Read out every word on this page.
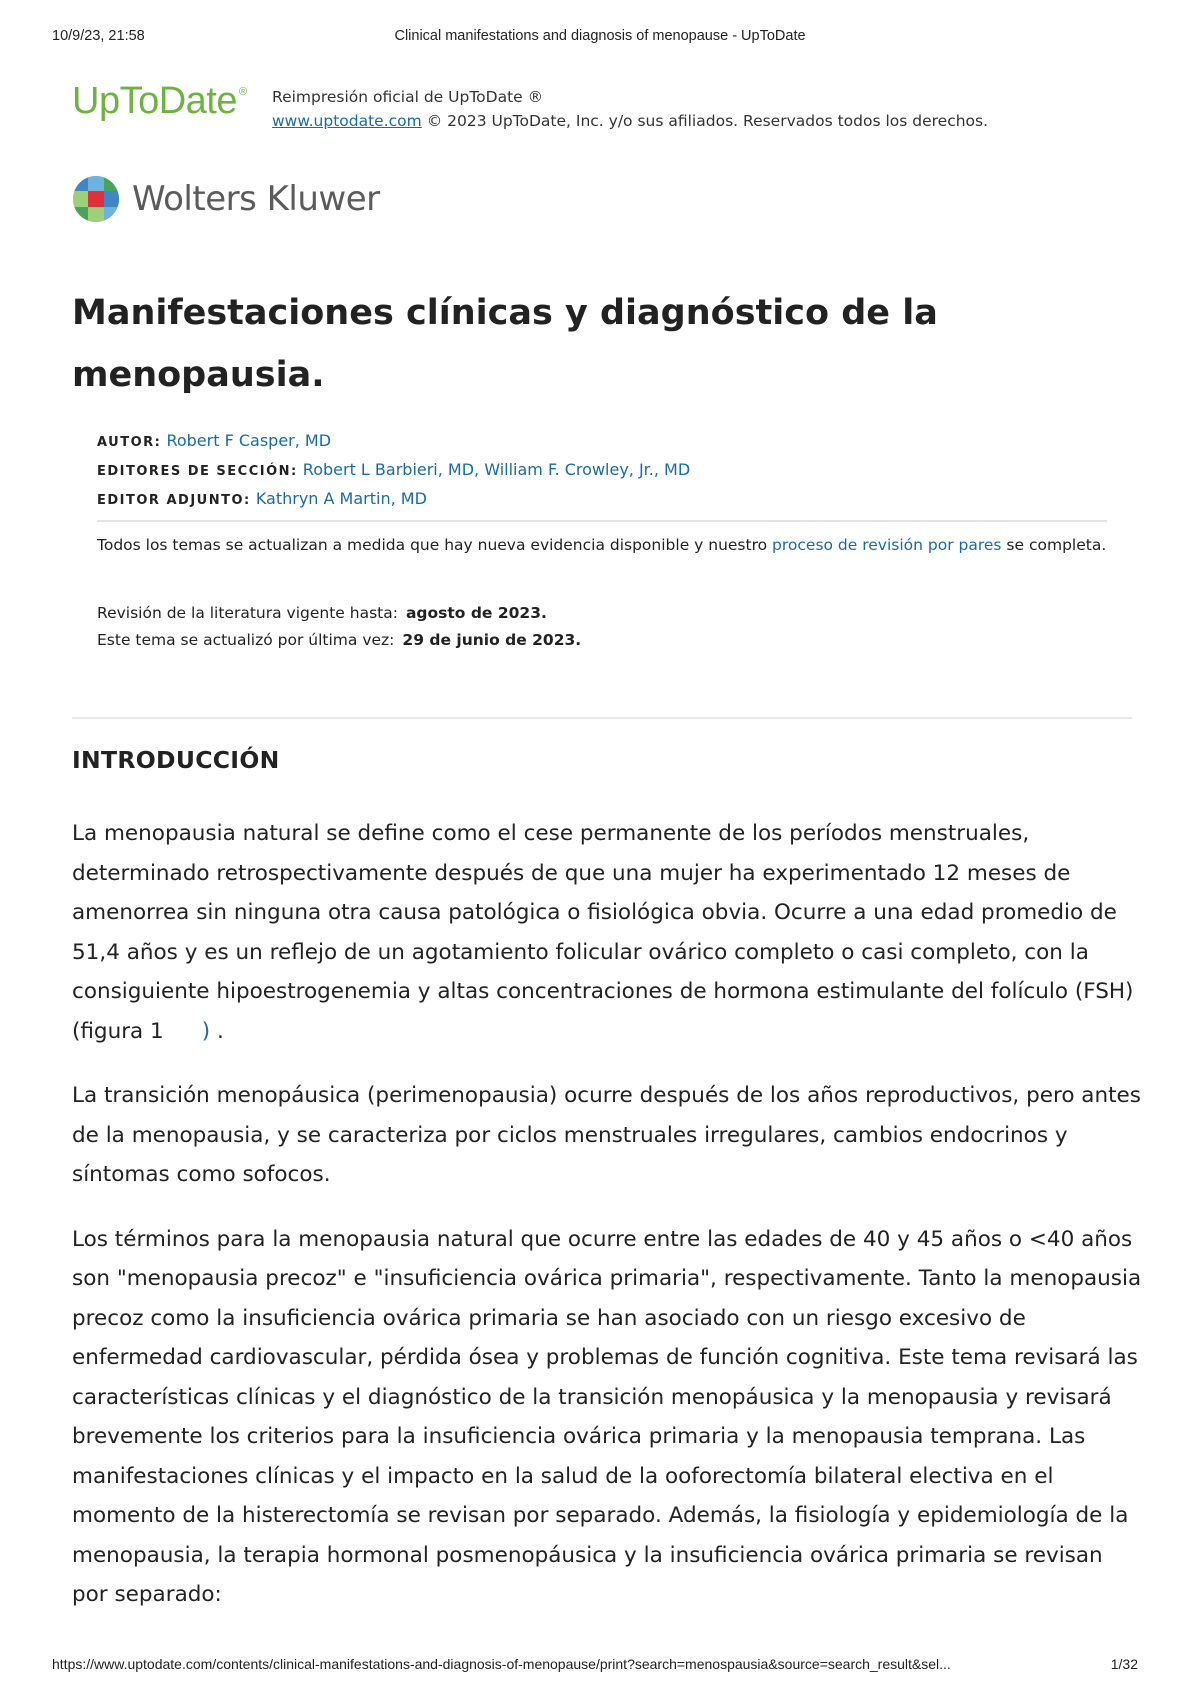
10/9/23, 21:58	Clinical manifestations and diagnosis of menopause - UpToDate
UpToDate ® Reimpresión oficial de UpToDate ®
www.uptodate.com © 2023 UpToDate, Inc. y/o sus afiliados. Reservados todos los derechos.
Wolters Kluwer
Manifestaciones clínicas y diagnóstico de la menopausia.
AUTOR: Robert F Casper, MD
EDITORES DE SECCIÓN: Robert L Barbieri, MD, William F. Crowley, Jr., MD
EDITOR ADJUNTO: Kathryn A Martin, MD
Todos los temas se actualizan a medida que hay nueva evidencia disponible y nuestro proceso de revisión por pares se completa.
Revisión de la literatura vigente hasta: agosto de 2023.
Este tema se actualizó por última vez: 29 de junio de 2023.
INTRODUCCIÓN

La menopausia natural se define como el cese permanente de los períodos menstruales, determinado retrospectivamente después de que una mujer ha experimentado 12 meses de amenorrea sin ninguna otra causa patológica o fisiológica obvia. Ocurre a una edad promedio de 51,4 años y es un reflejo de un agotamiento folicular ovárico completo o casi completo, con la consiguiente hipoestrogenemia y altas concentraciones de hormona estimulante del folículo (FSH) (figura 1 ) .

La transición menopáusica (perimenopausia) ocurre después de los años reproductivos, pero antes de la menopausia, y se caracteriza por ciclos menstruales irregulares, cambios endocrinos y síntomas como sofocos.

Los términos para la menopausia natural que ocurre entre las edades de 40 y 45 años o <40 años son "menopausia precoz" e "insuficiencia ovárica primaria", respectivamente. Tanto la menopausia precoz como la insuficiencia ovárica primaria se han asociado con un riesgo excesivo de enfermedad cardiovascular, pérdida ósea y problemas de función cognitiva. Este tema revisará las características clínicas y el diagnóstico de la transición menopáusica y la menopausia y revisará brevemente los criterios para la insuficiencia ovárica primaria y la menopausia temprana. Las manifestaciones clínicas y el impacto en la salud de la ooforectomía bilateral electiva en el momento de la histerectomía se revisan por separado. Además, la fisiología y epidemiología de la menopausia, la terapia hormonal posmenopáusica y la insuficiencia ovárica primaria se revisan por separado:

https://www.uptodate.com/contents/clinical-manifestations-and-diagnosis-of-menopause/print?search=menospausia&source=search_result&sel...	1/32
